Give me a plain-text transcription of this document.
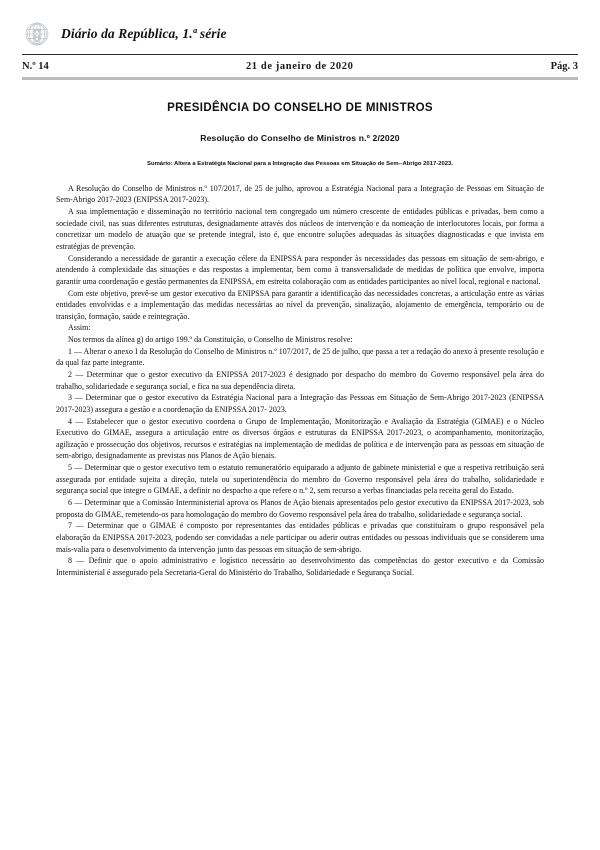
Diário da República, 1.ª série
N.º 14	21 de janeiro de 2020	Pág. 3
PRESIDÊNCIA DO CONSELHO DE MINISTROS
Resolução do Conselho de Ministros n.º 2/2020
Sumário: Altera a Estratégia Nacional para a Integração das Pessoas em Situação de Sem--Abrigo 2017-2023.

A Resolução do Conselho de Ministros n.º 107/2017, de 25 de julho, aprovou a Estratégia Nacional para a Integração de Pessoas em Situação de Sem-Abrigo 2017-2023 (ENIPSSA 2017-2023).

A sua implementação e disseminação no território nacional tem congregado um número crescente de entidades públicas e privadas, bem como a sociedade civil, nas suas diferentes estruturas, designadamente através dos núcleos de intervenção e da nomeação de interlocutores locais, por forma a concretizar um modelo de atuação que se pretende integral, isto é, que encontre soluções adequadas às situações diagnosticadas e que invista em estratégias de prevenção.

Considerando a necessidade de garantir a execução célere da ENIPSSA para responder às necessidades das pessoas em situação de sem-abrigo, e atendendo à complexidade das situações e das respostas a implementar, bem como à transversalidade de medidas de política que envolve, importa garantir uma coordenação e gestão permanentes da ENIPSSA, em estreita colaboração com as entidades participantes ao nível local, regional e nacional.

Com este objetivo, prevê-se um gestor executivo da ENIPSSA para garantir a identificação das necessidades concretas, a articulação entre as várias entidades envolvidas e a implementação das medidas necessárias ao nível da prevenção, sinalização, alojamento de emergência, temporário ou de transição, formação, saúde e reintegração.

Assim:

Nos termos da alínea g) do artigo 199.º da Constituição, o Conselho de Ministros resolve:

1 — Alterar o anexo I da Resolução do Conselho de Ministros n.º 107/2017, de 25 de julho, que passa a ter a redação do anexo à presente resolução e da qual faz parte integrante.

2 — Determinar que o gestor executivo da ENIPSSA 2017-2023 é designado por despacho do membro do Governo responsável pela área do trabalho, solidariedade e segurança social, e fica na sua dependência direta.

3 — Determinar que o gestor executivo da Estratégia Nacional para a Integração das Pessoas em Situação de Sem-Abrigo 2017-2023 (ENIPSSA 2017-2023) assegura a gestão e a coordenação da ENIPSSA 2017- 2023.

4 — Estabelecer que o gestor executivo coordena o Grupo de Implementação, Monitorização e Avaliação da Estratégia (GIMAE) e o Núcleo Executivo do GIMAE, assegura a articulação entre os diversos órgãos e estruturas da ENIPSSA 2017-2023, o acompanhamento, monitorização, agilização e prossecução dos objetivos, recursos e estratégias na implementação de medidas de política e de intervenção para as pessoas em situação de sem-abrigo, designadamente as previstas nos Planos de Ação bienais.

5 — Determinar que o gestor executivo tem o estatuto remuneratório equiparado a adjunto de gabinete ministerial e que a respetiva retribuição será assegurada por entidade sujeita a direção, tutela ou superintendência do membro do Governo responsável pela área do trabalho, solidariedade e segurança social que integre o GIMAE, a definir no despacho a que refere o n.º 2, sem recurso a verbas financiadas pela receita geral do Estado.

6 — Determinar que a Comissão Interministerial aprova os Planos de Ação bienais apresentados pelo gestor executivo da ENIPSSA 2017-2023, sob proposta do GIMAE, remetendo-os para homologação do membro do Governo responsável pela área do trabalho, solidariedade e segurança social.

7 — Determinar que o GIMAE é composto por representantes das entidades públicas e privadas que constituíram o grupo responsável pela elaboração da ENIPSSA 2017-2023, podendo ser convidadas a nele participar ou aderir outras entidades ou pessoas individuais que se considerem uma mais-valia para o desenvolvimento da intervenção junto das pessoas em situação de sem-abrigo.

8 — Definir que o apoio administrativo e logístico necessário ao desenvolvimento das competências do gestor executivo e da Comissão Interministerial é assegurado pela Secretaria-Geral do Ministério do Trabalho, Solidariedade e Segurança Social.
